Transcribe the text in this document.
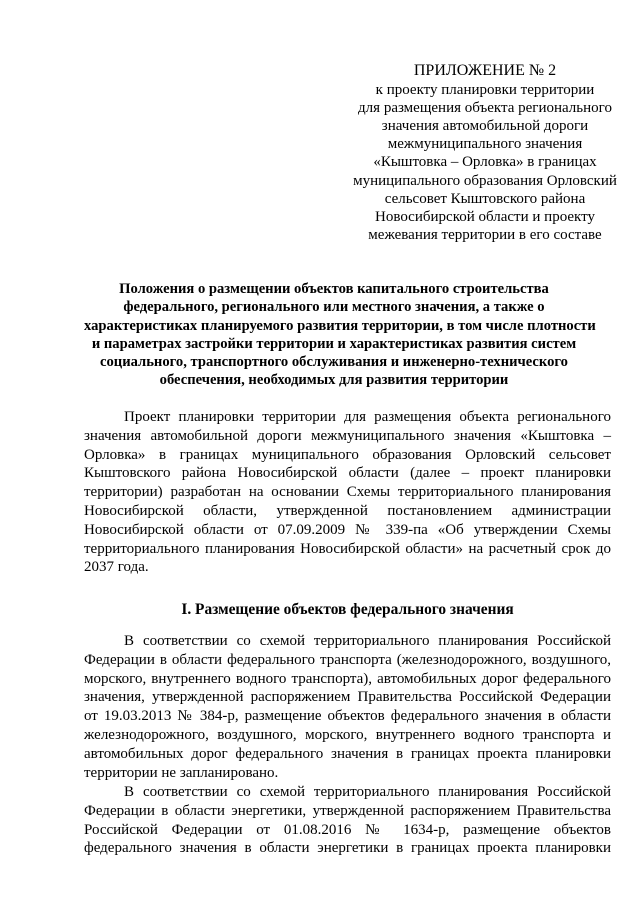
ПРИЛОЖЕНИЕ № 2
к проекту планировки территории
для размещения объекта регионального
значения автомобильной дороги
межмуниципального значения
«Кыштовка – Орловка» в границах
муниципального образования Орловский
сельсовет Кыштовского района
Новосибирской области и проекту
межевания территории в его составе
Положения о размещении объектов капитального строительства
федерального, регионального или местного значения, а также о
характеристиках планируемого развития территории, в том числе плотности
и параметрах застройки территории и характеристиках развития систем
социального, транспортного обслуживания и инженерно-технического
обеспечения, необходимых для развития территории
Проект планировки территории для размещения объекта регионального
значения автомобильной дороги межмуниципального значения «Кыштовка –
Орловка» в границах муниципального образования Орловский сельсовет
Кыштовского района Новосибирской области (далее – проект планировки
территории) разработан на основании Схемы территориального планирования
Новосибирской области, утвержденной постановлением администрации
Новосибирской области от 07.09.2009 № 339-па «Об утверждении Схемы
территориального планирования Новосибирской области» на расчетный срок до
2037 года.
I. Размещение объектов федерального значения
В соответствии со схемой территориального планирования Российской
Федерации в области федерального транспорта (железнодорожного, воздушного,
морского, внутреннего водного транспорта), автомобильных дорог федерального
значения, утвержденной распоряжением Правительства Российской Федерации
от 19.03.2013 № 384-р, размещение объектов федерального значения в области
железнодорожного, воздушного, морского, внутреннего водного транспорта и
автомобильных дорог федерального значения в границах проекта планировки
территории не запланировано.
В соответствии со схемой территориального планирования Российской
Федерации в области энергетики, утвержденной распоряжением Правительства
Российской Федерации от 01.08.2016 № 1634-р, размещение объектов
федерального значения в области энергетики в границах проекта планировки
